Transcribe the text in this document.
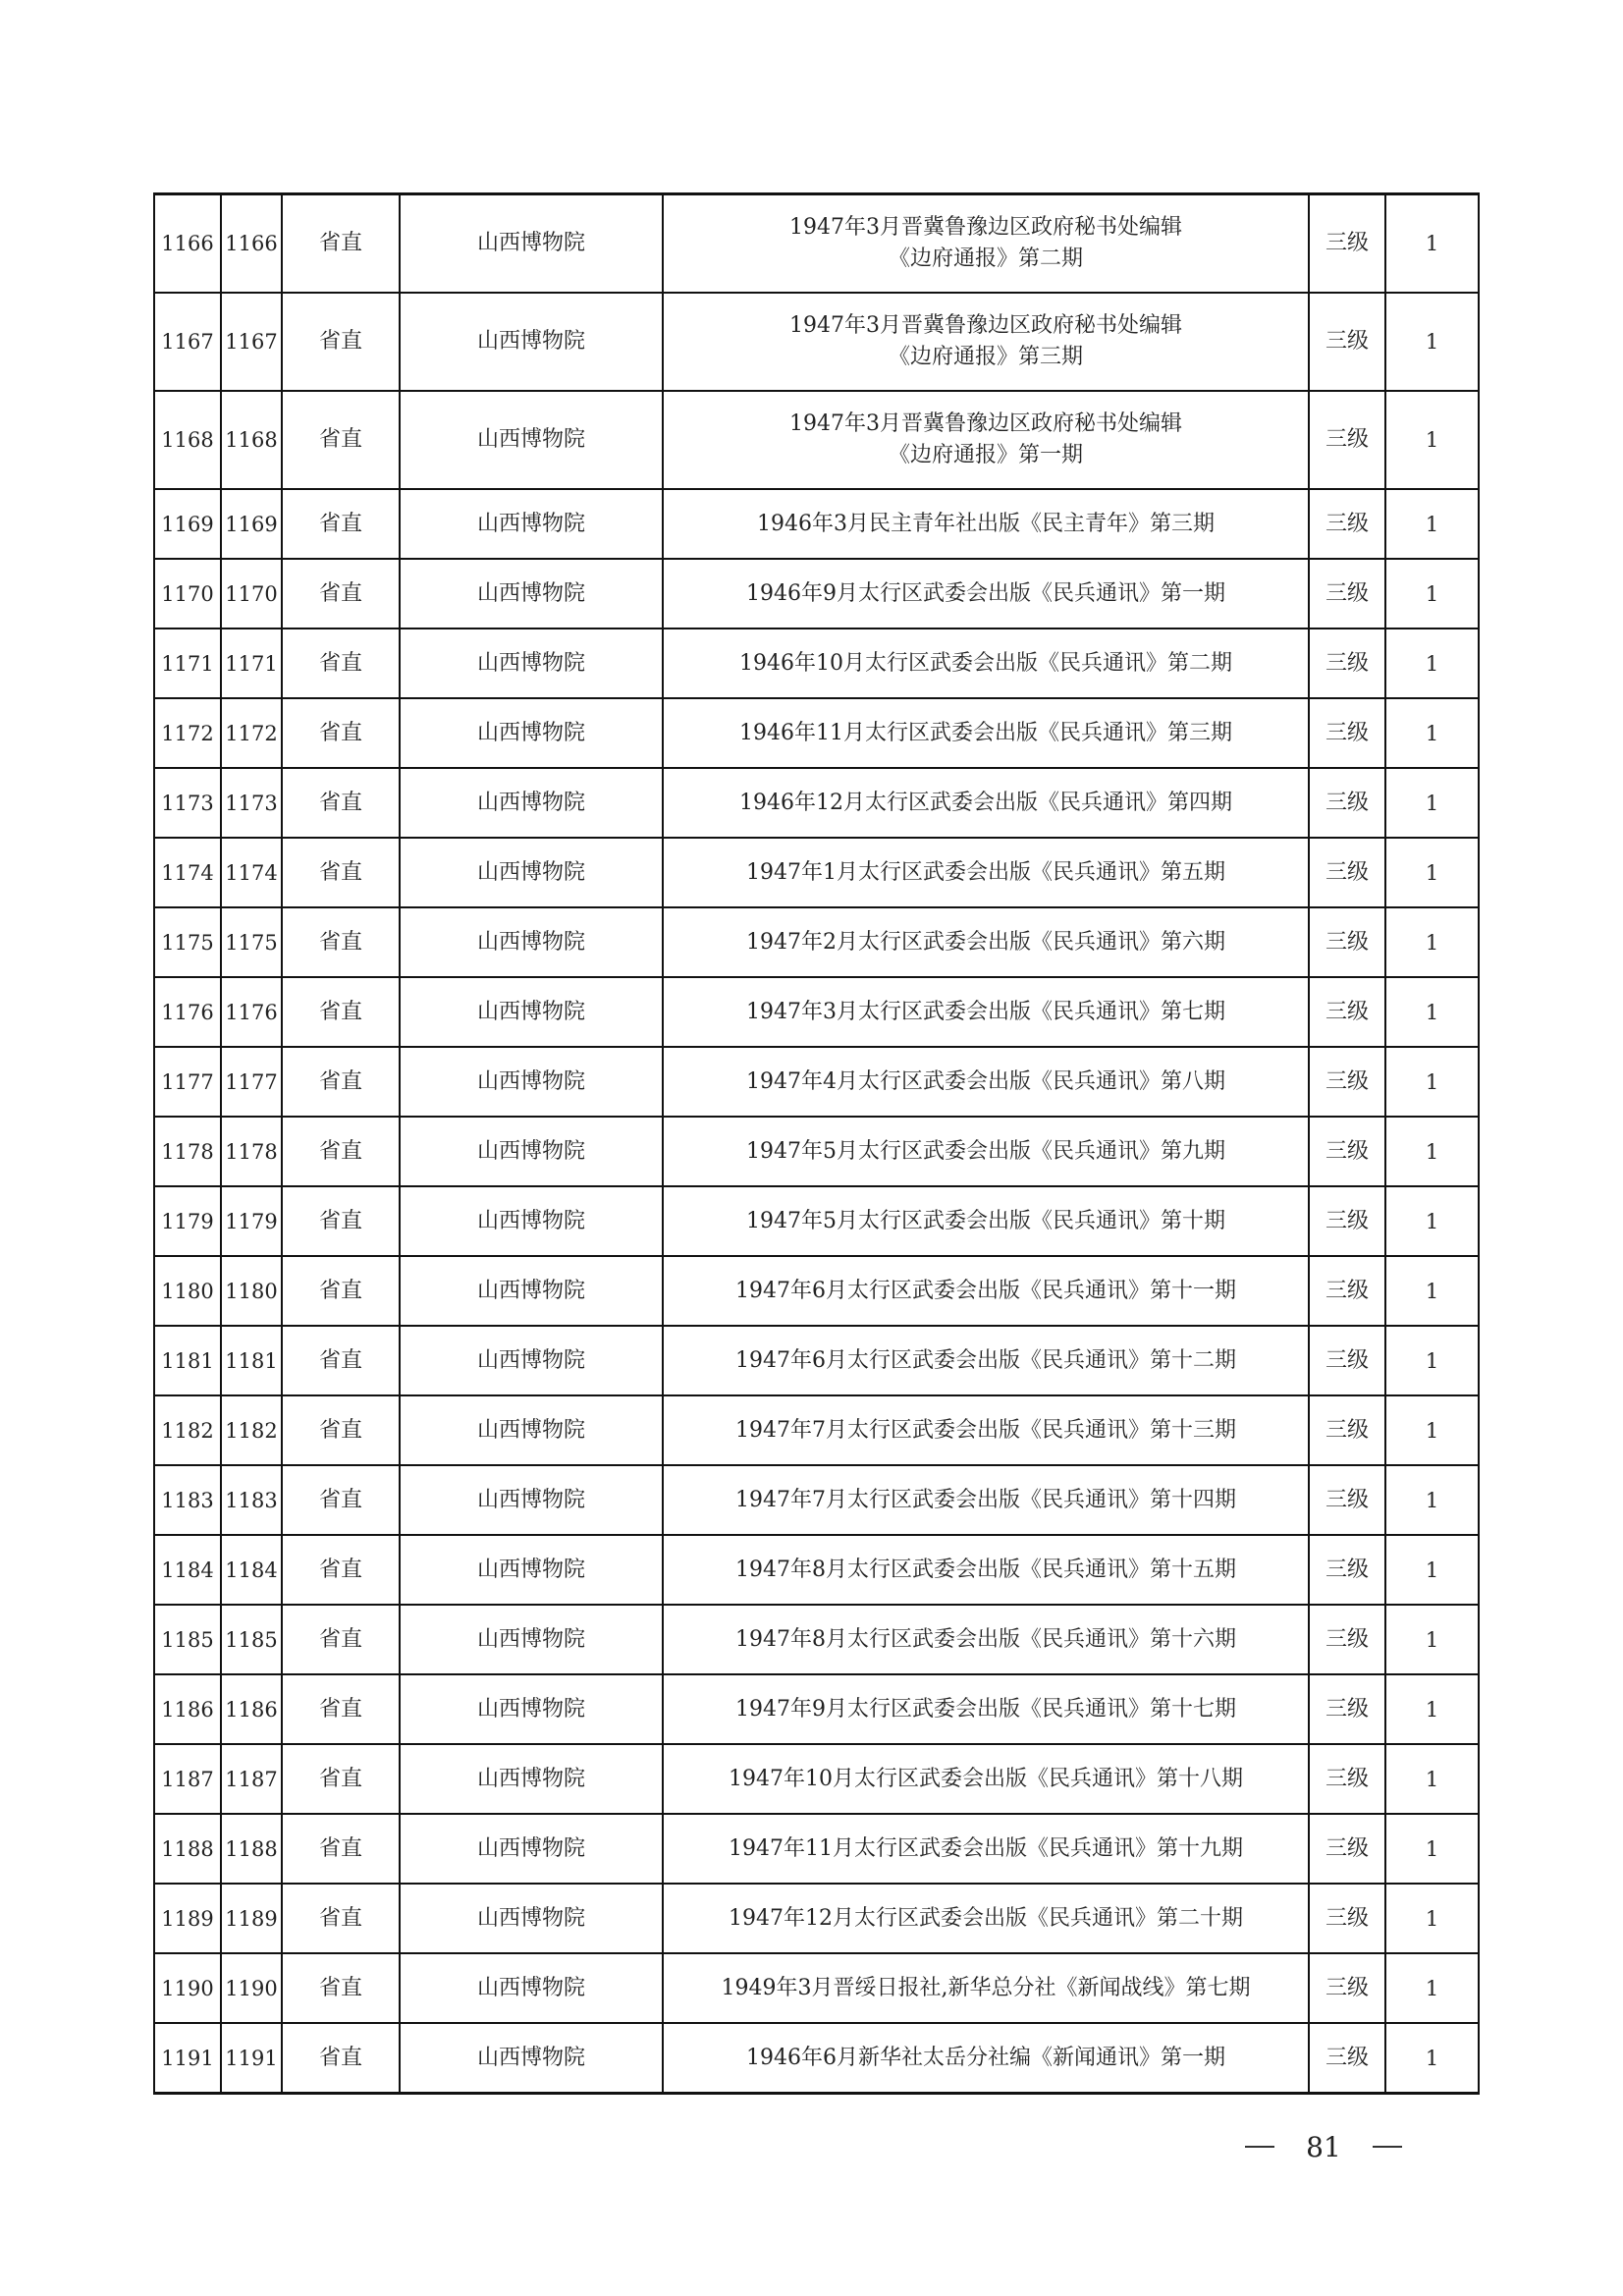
1166	1166	省直	山西博物院	1947年3月晋冀鲁豫边区政府秘书处编辑
《边府通报》第二期	三级	1
1167	1167	省直	山西博物院	1947年3月晋冀鲁豫边区政府秘书处编辑
《边府通报》第三期	三级	1
1168	1168	省直	山西博物院	1947年3月晋冀鲁豫边区政府秘书处编辑
《边府通报》第一期	三级	1
1169	1169	省直	山西博物院	1946年3月民主青年社出版《民主青年》第三期	三级	1
1170	1170	省直	山西博物院	1946年9月太行区武委会出版《民兵通讯》第一期	三级	1
1171	1171	省直	山西博物院	1946年10月太行区武委会出版《民兵通讯》第二期	三级	1
1172	1172	省直	山西博物院	1946年11月太行区武委会出版《民兵通讯》第三期	三级	1
1173	1173	省直	山西博物院	1946年12月太行区武委会出版《民兵通讯》第四期	三级	1
1174	1174	省直	山西博物院	1947年1月太行区武委会出版《民兵通讯》第五期	三级	1
1175	1175	省直	山西博物院	1947年2月太行区武委会出版《民兵通讯》第六期	三级	1
1176	1176	省直	山西博物院	1947年3月太行区武委会出版《民兵通讯》第七期	三级	1
1177	1177	省直	山西博物院	1947年4月太行区武委会出版《民兵通讯》第八期	三级	1
1178	1178	省直	山西博物院	1947年5月太行区武委会出版《民兵通讯》第九期	三级	1
1179	1179	省直	山西博物院	1947年5月太行区武委会出版《民兵通讯》第十期	三级	1
1180	1180	省直	山西博物院	1947年6月太行区武委会出版《民兵通讯》第十一期	三级	1
1181	1181	省直	山西博物院	1947年6月太行区武委会出版《民兵通讯》第十二期	三级	1
1182	1182	省直	山西博物院	1947年7月太行区武委会出版《民兵通讯》第十三期	三级	1
1183	1183	省直	山西博物院	1947年7月太行区武委会出版《民兵通讯》第十四期	三级	1
1184	1184	省直	山西博物院	1947年8月太行区武委会出版《民兵通讯》第十五期	三级	1
1185	1185	省直	山西博物院	1947年8月太行区武委会出版《民兵通讯》第十六期	三级	1
1186	1186	省直	山西博物院	1947年9月太行区武委会出版《民兵通讯》第十七期	三级	1
1187	1187	省直	山西博物院	1947年10月太行区武委会出版《民兵通讯》第十八期	三级	1
1188	1188	省直	山西博物院	1947年11月太行区武委会出版《民兵通讯》第十九期	三级	1
1189	1189	省直	山西博物院	1947年12月太行区武委会出版《民兵通讯》第二十期	三级	1
1190	1190	省直	山西博物院	1949年3月晋绥日报社,新华总分社《新闻战线》第七期	三级	1
1191	1191	省直	山西博物院	1946年6月新华社太岳分社编《新闻通讯》第一期	三级	1
81
